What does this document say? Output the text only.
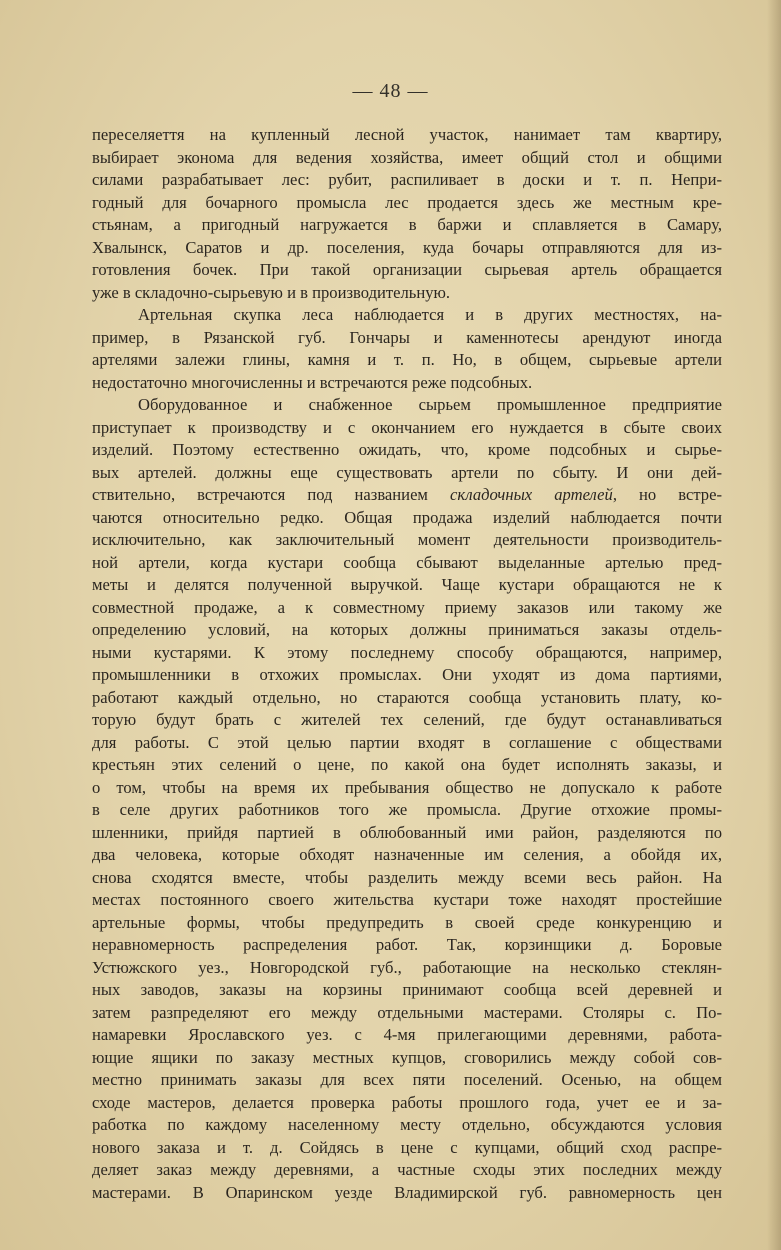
— 48 —
переселяеття на купленный лесной участок, нанимает там квартиру,
выбирает эконома для ведения хозяйства, имеет общий стол и общими
силами разрабатывает лес: рубит, распиливает в доски и т. п. Непри-
годный для бочарного промысла лес продается здесь же местным кре-
стьянам, а пригодный нагружается в баржи и сплавляется в Самару,
Хвалынск, Саратов и др. поселения, куда бочары отправляются для из-
готовления бочек. При такой организации сырьевая артель обращается
уже в складочно-сырьевую и в производительную.
Артельная скупка леса наблюдается и в других местностях, на-
пример, в Рязанской губ. Гончары и каменнотесы арендуют иногда
артелями залежи глины, камня и т. п. Но, в общем, сырьевые артели
недостаточно многочисленны и встречаются реже подсобных.
Оборудованное и снабженное сырьем промышленное предприятие
приступает к производству и с окончанием его нуждается в сбыте своих
изделий. Поэтому естественно ожидать, что, кроме подсобных и сырье-
вых артелей. должны еще существовать артели по сбыту. И они дей-
ствительно, встречаются под названием складочных артелей, но встре-
чаются относительно редко. Общая продажа изделий наблюдается почти
исключительно, как заключительный момент деятельности производитель-
ной артели, когда кустари сообща сбывают выделанные артелью пред-
меты и делятся полученной выручкой. Чаще кустари обращаются не к
совместной продаже, а к совместному приему заказов или такому же
определению условий, на которых должны приниматься заказы отдель-
ными кустарями. К этому последнему способу обращаются, например,
промышленники в отхожих промыслах. Они уходят из дома партиями,
работают каждый отдельно, но стараются сообща установить плату, ко-
торую будут брать с жителей тех селений, где будут останавливаться
для работы. С этой целью партии входят в соглашение с обществами
крестьян этих селений о цене, по какой она будет исполнять заказы, и
о том, чтобы на время их пребывания общество не допускало к работе
в селе других работников того же промысла. Другие отхожие промы-
шленники, прийдя партией в облюбованный ими район, разделяются по
два человека, которые обходят назначенные им селения, а обойдя их,
снова сходятся вместе, чтобы разделить между всеми весь район. На
местах постоянного своего жительства кустари тоже находят простейшие
артельные формы, чтобы предупредить в своей среде конкуренцию и
неравномерность распределения работ. Так, корзинщики д. Боровые
Устюжского уез., Новгородской губ., работающие на несколько стеклян-
ных заводов, заказы на корзины принимают сообща всей деревней и
затем разпределяют его между отдельными мастерами. Столяры с. По-
намаревки Ярославского уез. с 4-мя прилегающими деревнями, работа-
ющие ящики по заказу местных купцов, сговорились между собой сов-
местно принимать заказы для всех пяти поселений. Осенью, на общем
сходе мастеров, делается проверка работы прошлого года, учет ее и за-
работка по каждому населенному месту отдельно, обсуждаются условия
нового заказа и т. д. Сойдясь в цене с купцами, общий сход распре-
деляет заказ между деревнями, а частные сходы этих последних между
мастерами. В Опаринском уезде Владимирской губ. равномерность цен
